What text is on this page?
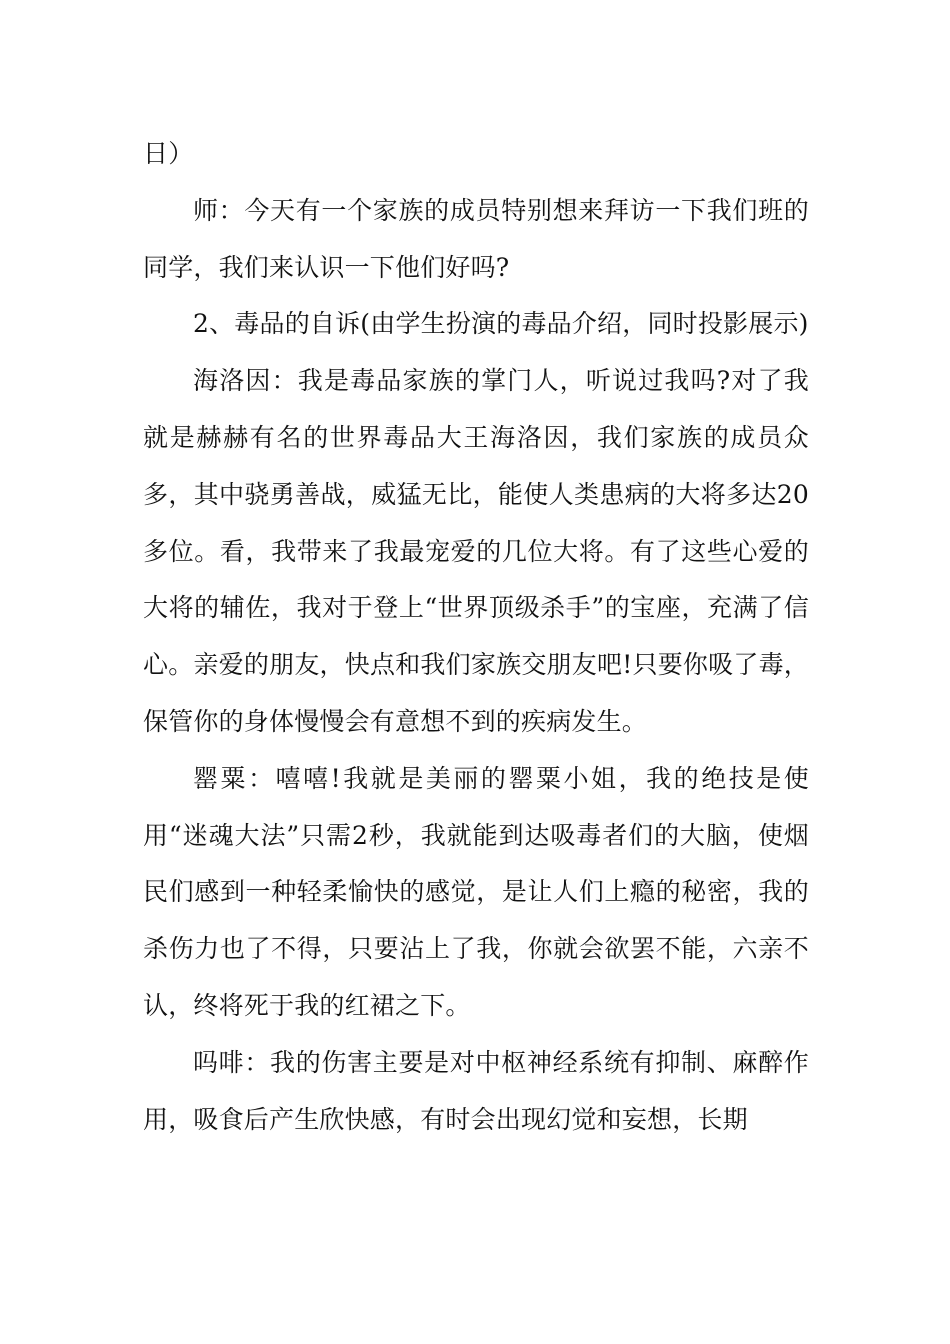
日）

师：今天有一个家族的成员特别想来拜访一下我们班的同学，我们来认识一下他们好吗?

2、毒品的自诉(由学生扮演的毒品介绍，同时投影展示)

海洛因：我是毒品家族的掌门人，听说过我吗?对了我就是赫赫有名的世界毒品大王海洛因，我们家族的成员众多，其中骁勇善战，威猛无比，能使人类患病的大将多达20多位。看，我带来了我最宠爱的几位大将。有了这些心爱的大将的辅佐，我对于登上“世界顶级杀手”的宝座，充满了信心。亲爱的朋友，快点和我们家族交朋友吧!只要你吸了毒，保管你的身体慢慢会有意想不到的疾病发生。

罂粟：嘻嘻!我就是美丽的罂粟小姐，我的绝技是使用“迷魂大法”只需2秒，我就能到达吸毒者们的大脑，使烟民们感到一种轻柔愉快的感觉，是让人们上瘾的秘密，我的杀伤力也了不得，只要沾上了我，你就会欲罢不能，六亲不认，终将死于我的红裙之下。

吗啡：我的伤害主要是对中枢神经系统有抑制、麻醉作用，吸食后产生欣快感，有时会出现幻觉和妄想，长期
